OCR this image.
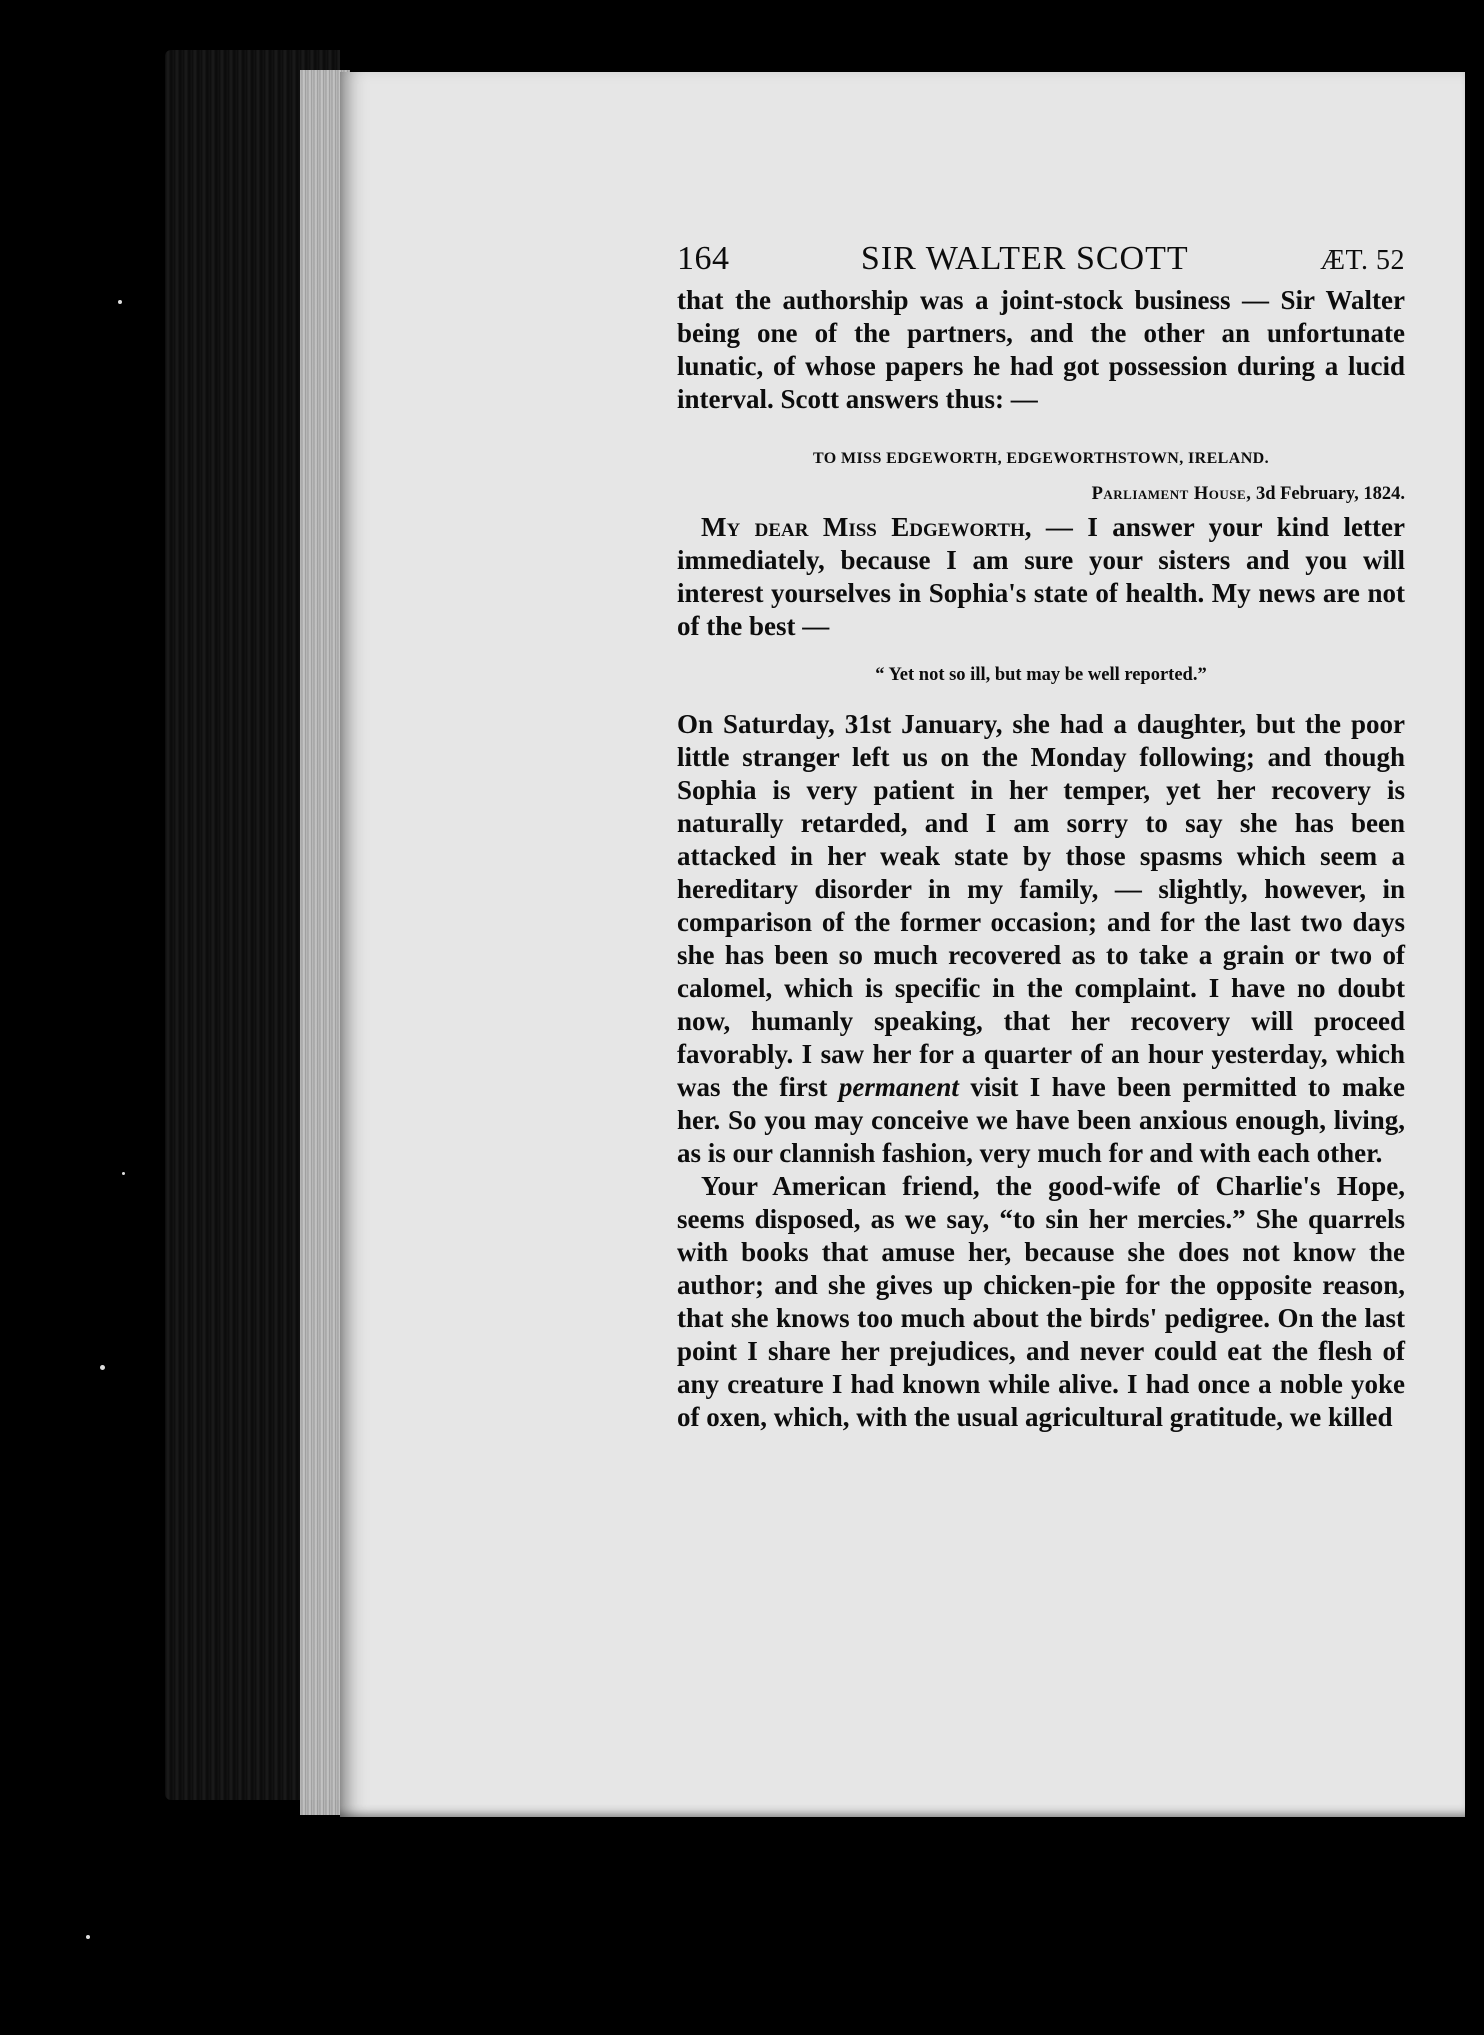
164	SIR WALTER SCOTT	ÆT. 52

that the authorship was a joint-stock business — Sir Walter being one of the partners, and the other an unfortunate lunatic, of whose papers he had got possession during a lucid interval. Scott answers thus: —

TO MISS EDGEWORTH, EDGEWORTHSTOWN, IRELAND.
Parliament House, 3d February, 1824.

My dear Miss Edgeworth, — I answer your kind letter immediately, because I am sure your sisters and you will interest yourselves in Sophia's state of health. My news are not of the best —

“ Yet not so ill, but may be well reported.”

On Saturday, 31st January, she had a daughter, but the poor little stranger left us on the Monday following; and though Sophia is very patient in her temper, yet her recovery is naturally retarded, and I am sorry to say she has been attacked in her weak state by those spasms which seem a hereditary disorder in my family, — slightly, however, in comparison of the former occasion; and for the last two days she has been so much recovered as to take a grain or two of calomel, which is specific in the complaint. I have no doubt now, humanly speaking, that her recovery will proceed favorably. I saw her for a quarter of an hour yesterday, which was the first permanent visit I have been permitted to make her. So you may conceive we have been anxious enough, living, as is our clannish fashion, very much for and with each other.

Your American friend, the good-wife of Charlie's Hope, seems disposed, as we say, “to sin her mercies.” She quarrels with books that amuse her, because she does not know the author; and she gives up chicken-pie for the opposite reason, that she knows too much about the birds' pedigree. On the last point I share her prejudices, and never could eat the flesh of any creature I had known while alive. I had once a noble yoke of oxen, which, with the usual agricultural gratitude, we killed
